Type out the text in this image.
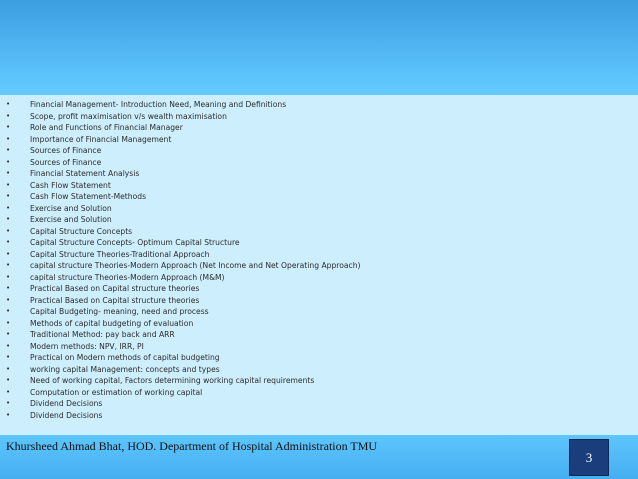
•	Financial Management- Introduction Need, Meaning and Definitions
•	Scope, profit maximisation v/s wealth maximisation
•	Role and Functions of Financial Manager
•	Importance of Financial Management
•	Sources of Finance
•	Sources of Finance
•	Financial Statement Analysis
•	Cash Flow Statement
•	Cash Flow Statement-Methods
•	Exercise and Solution
•	Exercise and Solution
•	Capital Structure Concepts
•	Capital Structure Concepts- Optimum Capital Structure
•	Capital Structure Theories-Traditional Approach
•	capital structure Theories-Modern Approach (Net Income and Net Operating Approach)
•	capital structure Theories-Modern Approach (M&M)
•	Practical Based on Capital structure theories
•	Practical Based on Capital structure theories
•	Capital Budgeting- meaning, need and process
•	Methods of capital budgeting of evaluation
•	Traditional Method: pay back and ARR
•	Modern methods: NPV, IRR, PI
•	Practical on Modern methods of capital budgeting
•	working capital Management: concepts and types
•	Need of working capital, Factors determining working capital requirements
•	Computation or estimation of working capital
•	Dividend Decisions
•	Dividend Decisions
Khursheed Ahmad Bhat, HOD. Department of Hospital Administration TMU
3
